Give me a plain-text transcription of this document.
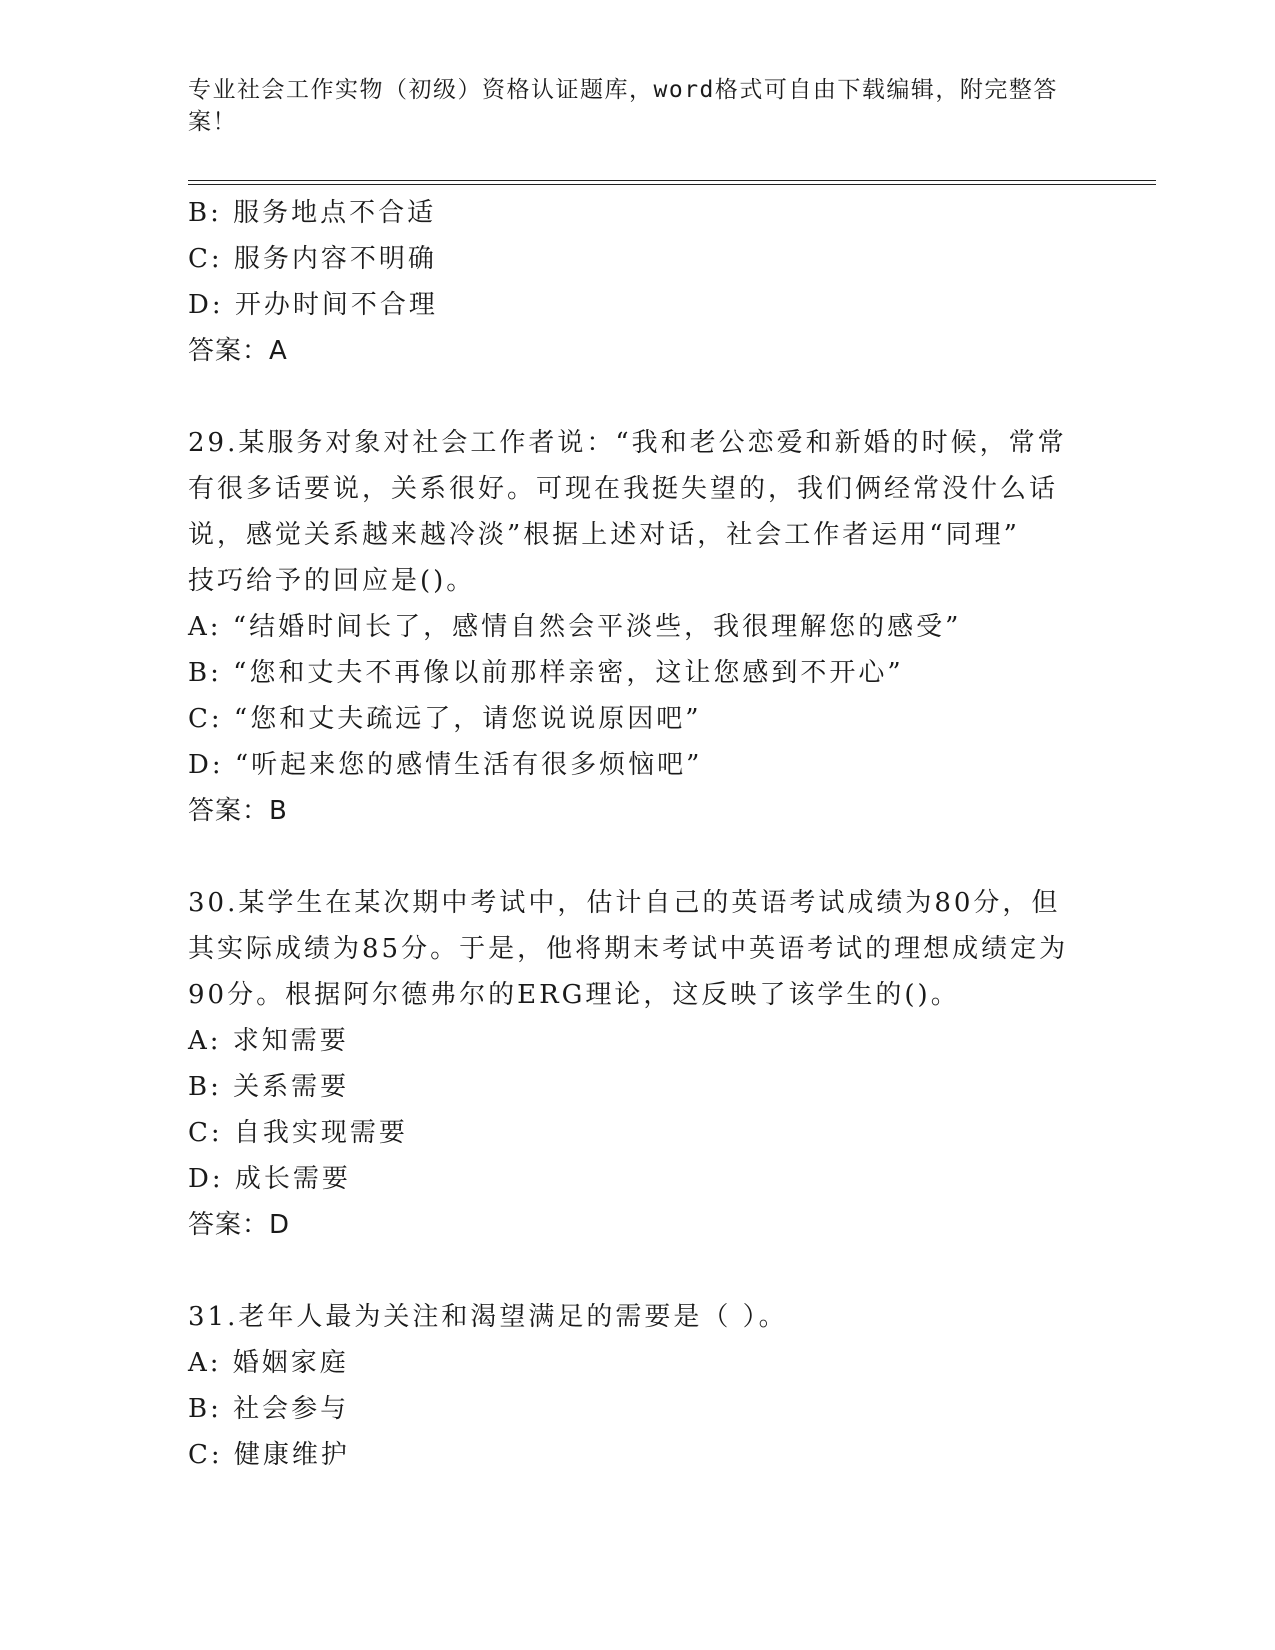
专业社会工作实物（初级）资格认证题库，word格式可自由下载编辑，附完整答
案！
B: 服务地点不合适
C: 服务内容不明确
D: 开办时间不合理
答案：A
29.某服务对象对社会工作者说：“我和老公恋爱和新婚的时候，常常
有很多话要说，关系很好。可现在我挺失望的，我们俩经常没什么话
说，感觉关系越来越冷淡”根据上述对话，社会工作者运用“同理”
技巧给予的回应是()。
A: “结婚时间长了，感情自然会平淡些，我很理解您的感受”
B: “您和丈夫不再像以前那样亲密，这让您感到不开心”
C: “您和丈夫疏远了，请您说说原因吧”
D: “听起来您的感情生活有很多烦恼吧”
答案：B
30.某学生在某次期中考试中，估计自己的英语考试成绩为80分，但
其实际成绩为85分。于是，他将期末考试中英语考试的理想成绩定为
90分。根据阿尔德弗尔的ERG理论，这反映了该学生的()。
A: 求知需要
B: 关系需要
C: 自我实现需要
D: 成长需要
答案：D
31.老年人最为关注和渴望满足的需要是（ ）。
A: 婚姻家庭
B: 社会参与
C: 健康维护
